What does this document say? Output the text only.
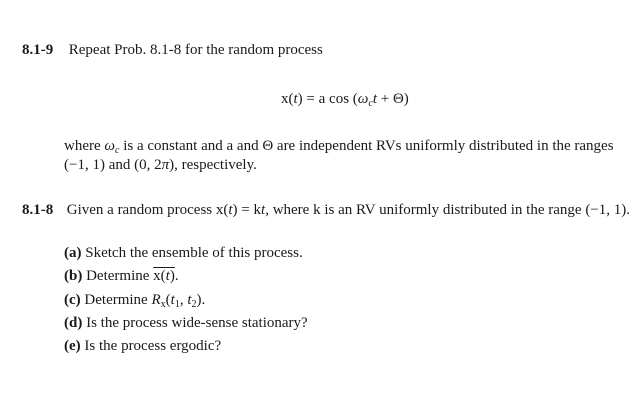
8.1-9 Repeat Prob. 8.1-8 for the random process
x(t) = a $\cos (\omega_ct + \Theta)$
where $\omega_c$ is a constant and a and Θ are independent RVs uniformly distributed in the ranges
(−1, 1) and (0, 2π), respectively.
8.1-8 Given a random process x(t) = kt, where k is an RV uniformly distributed in the range (−1, 1).
(a) Sketch the ensemble of this process.
(b) Determine x(t).
(c) Determine $R_x(t_1$, $t_2$).
(d) Is the process wide-sense stationary?
(e) Is the process ergodic?
